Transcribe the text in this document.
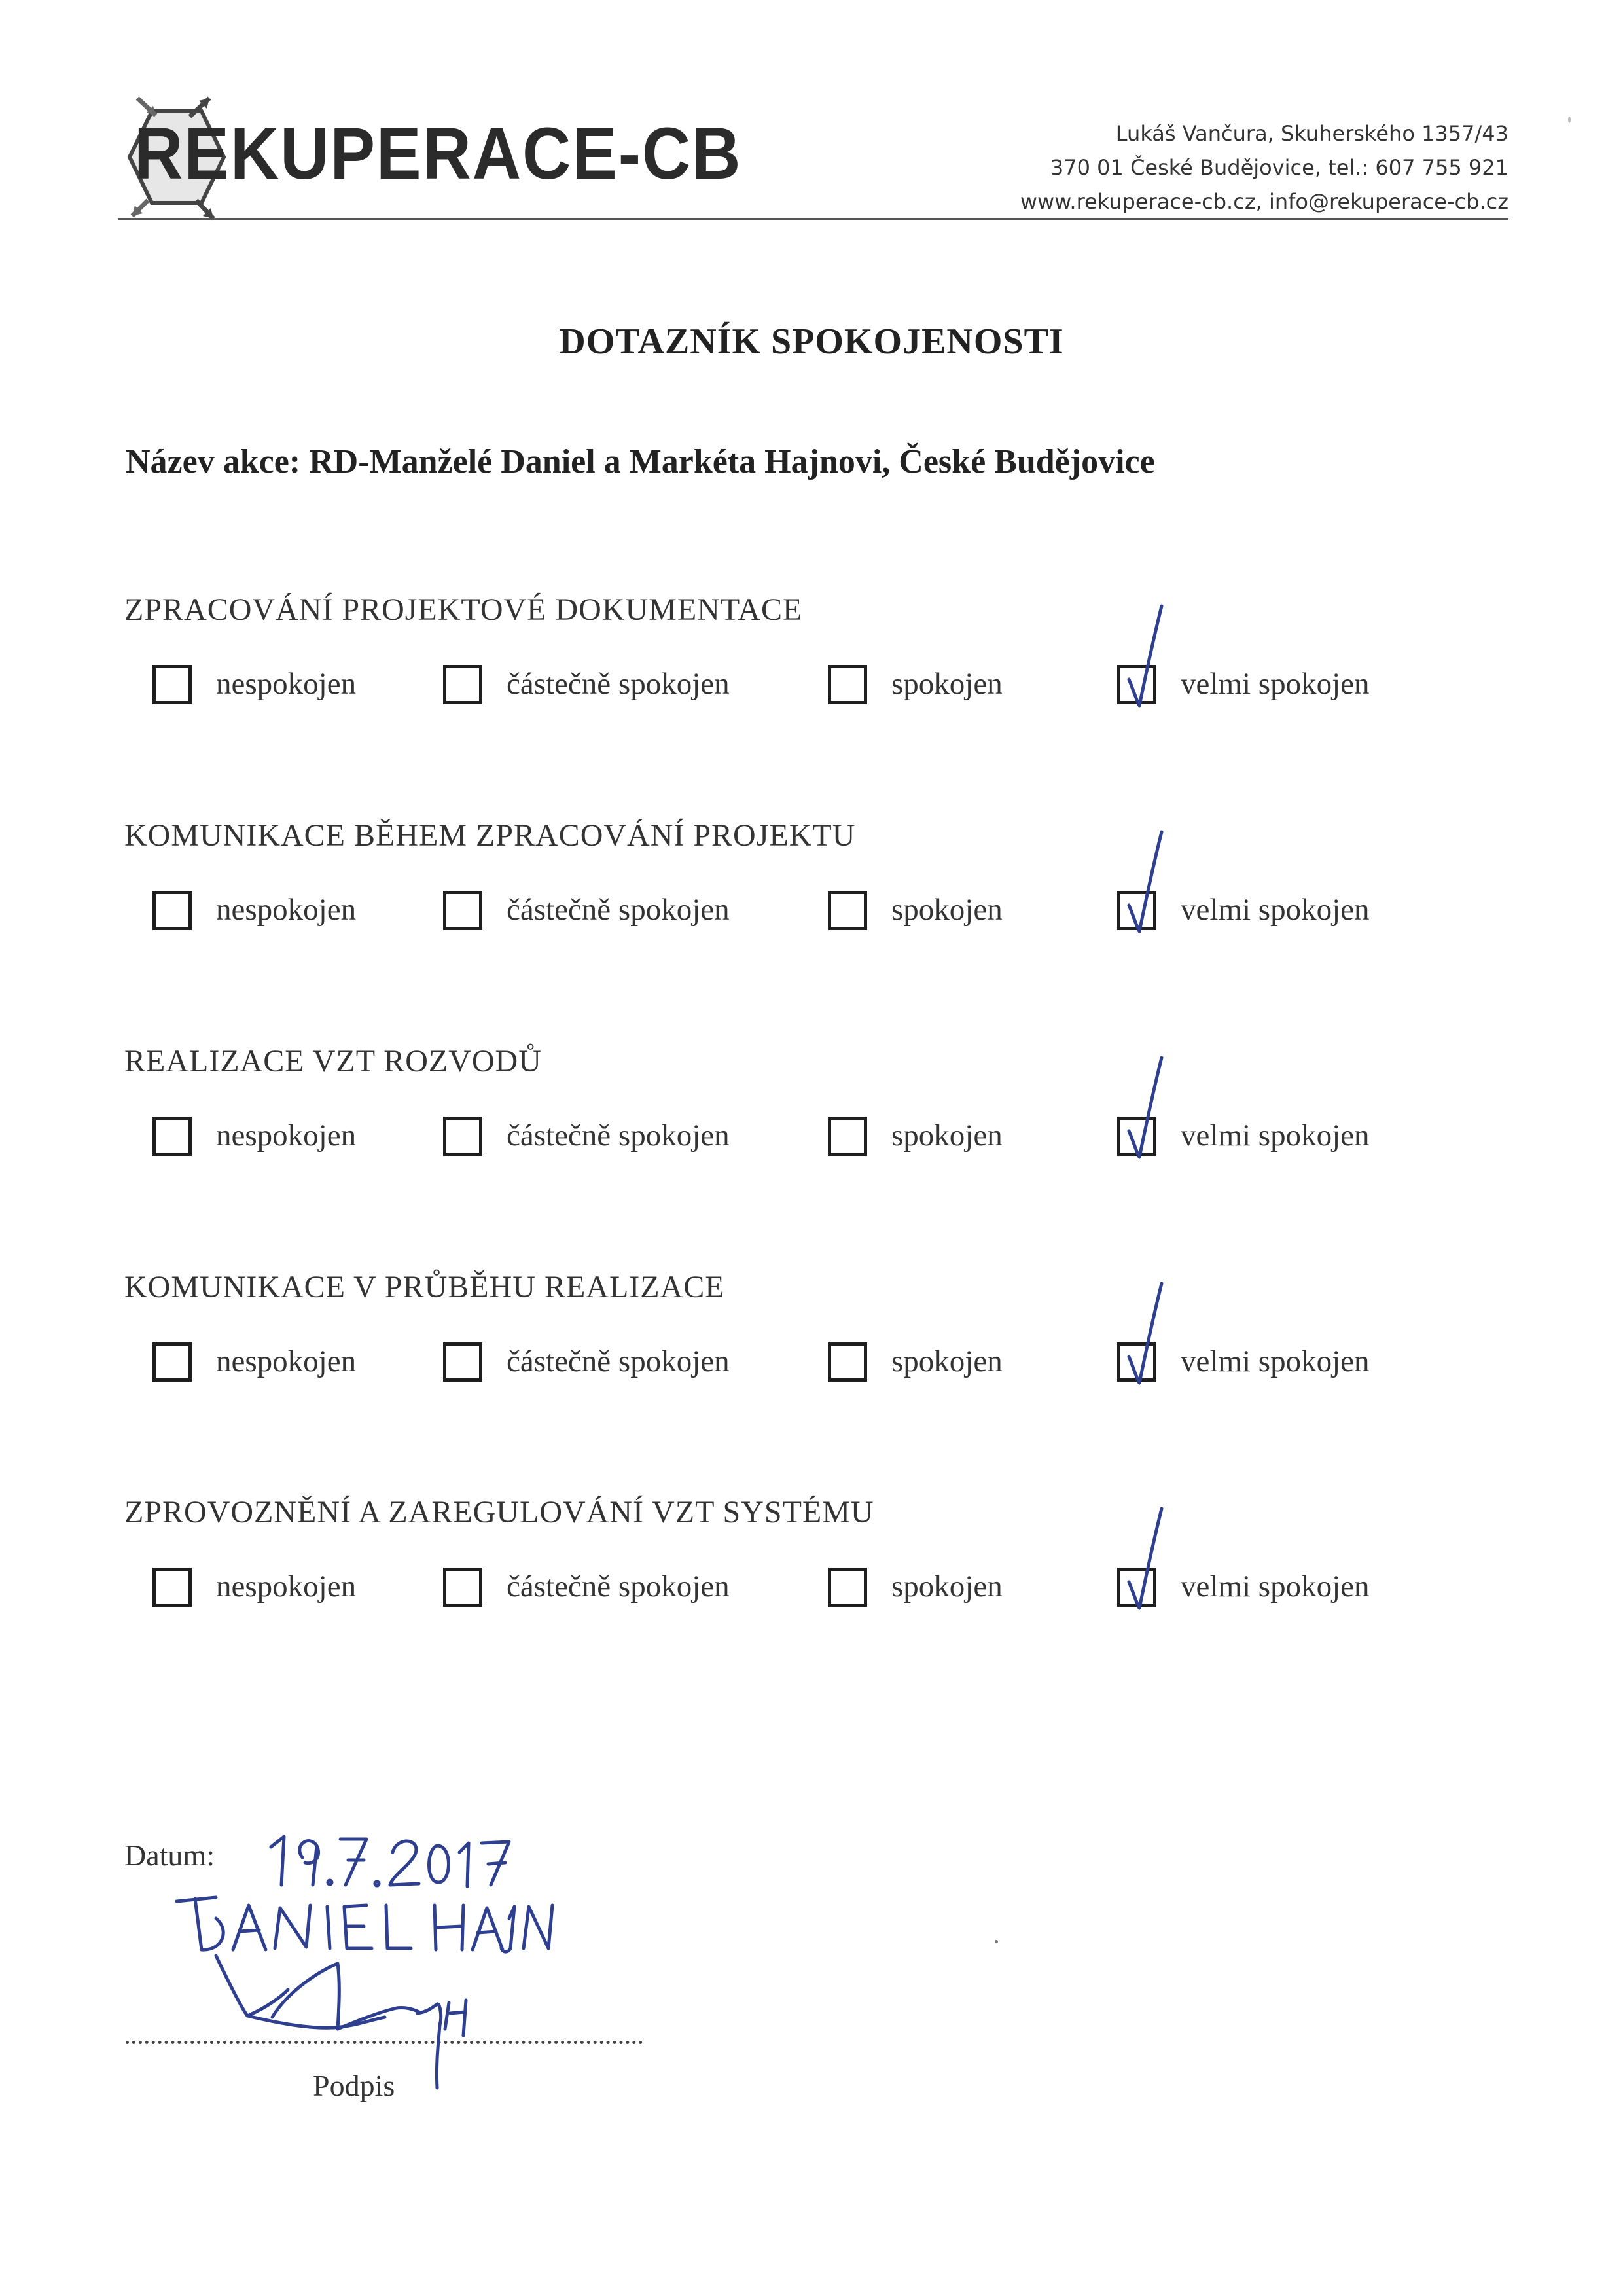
REKUPERACE-CB	Lukáš Vančura, Skuherského 1357/43
370 01 České Budějovice, tel.: 607 755 921
www.rekuperace-cb.cz, info@rekuperace-cb.cz
DOTAZNÍK SPOKOJENOSTI
Název akce: RD-Manželé Daniel a Markéta Hajnovi, České Budějovice
ZPRACOVÁNÍ PROJEKTOVÉ DOKUMENTACE
nespokojen	částečně spokojen	spokojen	velmi spokojen
KOMUNIKACE BĚHEM ZPRACOVÁNÍ PROJEKTU
nespokojen	částečně spokojen	spokojen	velmi spokojen
REALIZACE VZT ROZVODŮ
nespokojen	částečně spokojen	spokojen	velmi spokojen
KOMUNIKACE V PRŮBĚHU REALIZACE
nespokojen	částečně spokojen	spokojen	velmi spokojen
ZPROVOZNĚNÍ A ZAREGULOVÁNÍ VZT SYSTÉMU
nespokojen	částečně spokojen	spokojen	velmi spokojen
Datum:
Podpis
